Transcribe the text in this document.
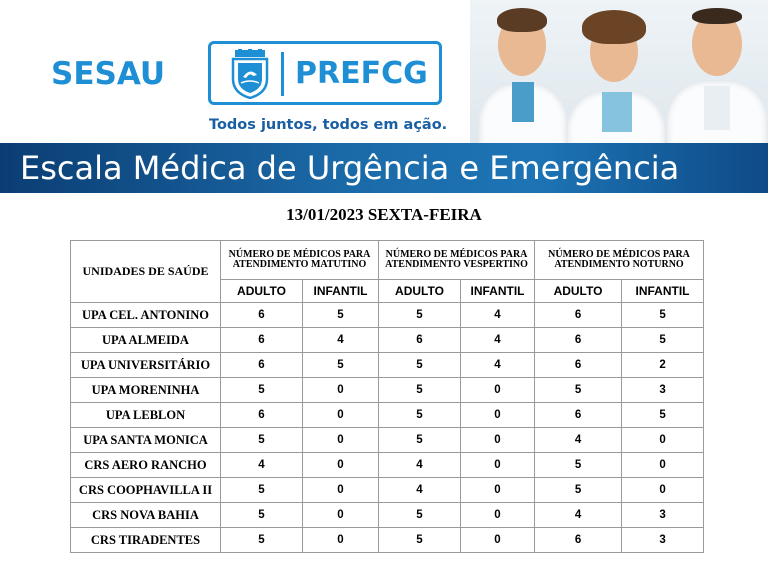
SESAU	PREFCG
Todos juntos, todos em ação.
Escala Médica de Urgência e Emergência
13/01/2023 SEXTA-FEIRA
UNIDADES DE SAÚDE	NÚMERO DE MÉDICOS PARA ATENDIMENTO MATUTINO		NÚMERO DE MÉDICOS PARA ATENDIMENTO VESPERTINO		NÚMERO DE MÉDICOS PARA ATENDIMENTO NOTURNO	
	ADULTO	INFANTIL	ADULTO	INFANTIL	ADULTO	INFANTIL
UPA CEL. ANTONINO	6	5	5	4	6	5
UPA ALMEIDA	6	4	6	4	6	5
UPA UNIVERSITÁRIO	6	5	5	4	6	2
UPA MORENINHA	5	0	5	0	5	3
UPA LEBLON	6	0	5	0	6	5
UPA SANTA MONICA	5	0	5	0	4	0
CRS AERO RANCHO	4	0	4	0	5	0
CRS COOPHAVILLA II	5	0	4	0	5	0
CRS NOVA BAHIA	5	0	5	0	4	3
CRS TIRADENTES	5	0	5	0	6	3
